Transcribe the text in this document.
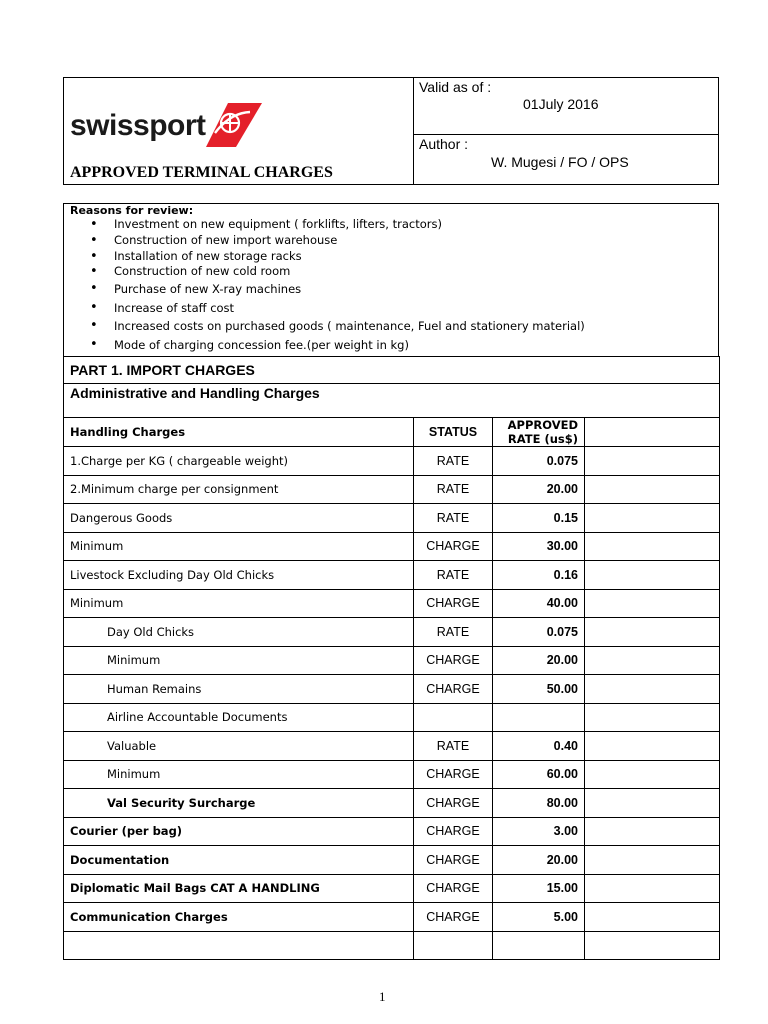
swissport
APPROVED TERMINAL CHARGES
Valid as of :
01July 2016
Author :
W. Mugesi / FO / OPS
Reasons for review:
• Investment on new equipment ( forklifts, lifters, tractors)
• Construction of new import warehouse
• Installation of new storage racks
• Construction of new cold room
• Purchase of new X-ray machines
• Increase of staff cost
• Increased costs on purchased goods ( maintenance, Fuel and stationery material)
• Mode of charging concession fee.(per weight in kg)
PART 1. IMPORT CHARGES			
Administrative and Handling Charges			
Handling Charges	STATUS	APPROVED
RATE (us$)	
1.Charge per KG ( chargeable weight)	RATE	0.075	
2.Minimum charge per consignment	RATE	20.00	
Dangerous Goods	RATE	0.15	
Minimum	CHARGE	30.00	
Livestock Excluding Day Old Chicks	RATE	0.16	
Minimum	CHARGE	40.00	
Day Old Chicks	RATE	0.075	
Minimum	CHARGE	20.00	
Human Remains	CHARGE	50.00	
Airline Accountable Documents			
Valuable	RATE	0.40	
Minimum	CHARGE	60.00	
Val Security Surcharge	CHARGE	80.00	
Courier (per bag)	CHARGE	3.00	
Documentation	CHARGE	20.00	
Diplomatic Mail Bags CAT A HANDLING	CHARGE	15.00	
Communication Charges	CHARGE	5.00	

1
